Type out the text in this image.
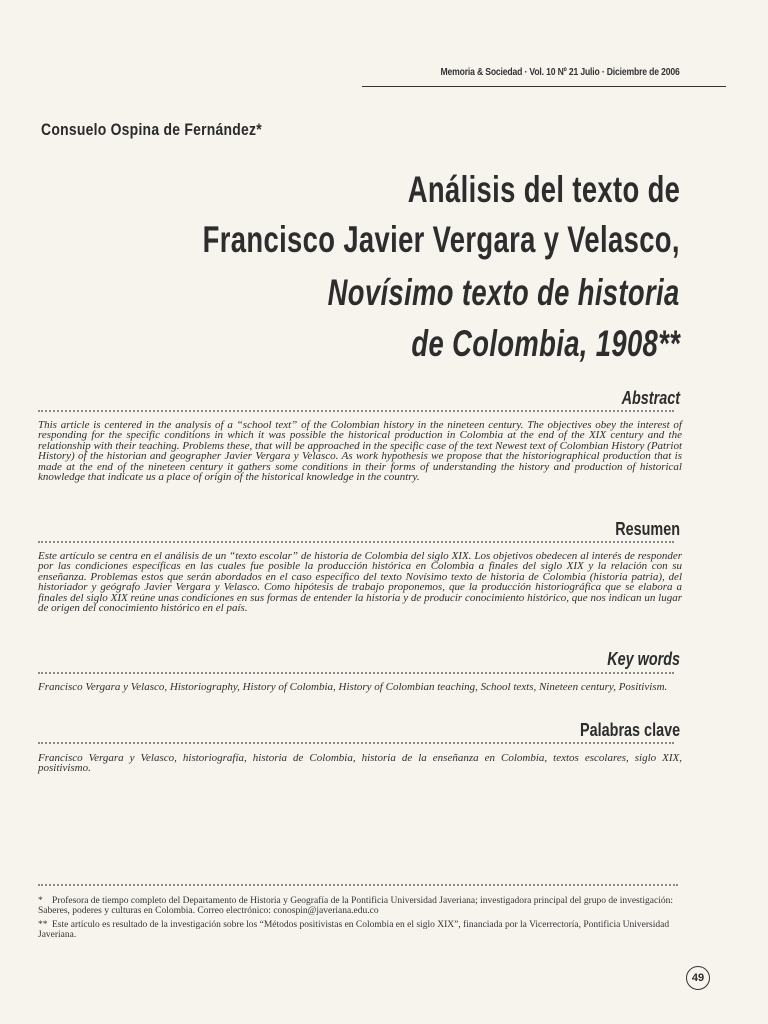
Memoria & Sociedad · Vol. 10 Nº 21 Julio · Diciembre de 2006
Consuelo Ospina de Fernández*
Análisis del texto de
Francisco Javier Vergara y Velasco,
Novísimo texto de historia
de Colombia, 1908**
Abstract
This article is centered in the analysis of a “school text” of the Colombian history in the nineteen century. The objectives obey the interest of responding for the specific conditions in which it was possible the historical production in Colombia at the end of the XIX century and the relationship with their teaching. Problems these, that will be approached in the specific case of the text Newest text of Colombian History (Patriot History) of the historian and geographer Javier Vergara y Velasco. As work hypothesis we propose that the historiographical production that is made at the end of the nineteen century it gathers some conditions in their forms of understanding the history and production of historical knowledge that indicate us a place of origin of the historical knowledge in the country.
Resumen
Este artículo se centra en el análisis de un “texto escolar” de historia de Colombia del siglo XIX. Los objetivos obedecen al interés de responder por las condiciones específicas en las cuales fue posible la producción histórica en Colombia a finales del siglo XIX y la relación con su enseñanza. Problemas estos que serán abordados en el caso específico del texto Novísimo texto de historia de Colombia (historia patria), del historiador y geógrafo Javier Vergara y Velasco. Como hipótesis de trabajo proponemos, que la producción historiográfica que se elabora a finales del siglo XIX reúne unas condiciones en sus formas de entender la historia y de producir conocimiento histórico, que nos indican un lugar de origen del conocimiento histórico en el país.
Key words
Francisco Vergara y Velasco, Historiography, History of Colombia, History of Colombian teaching, School texts, Nineteen century, Positivism.
Palabras clave
Francisco Vergara y Velasco, historiografía, historia de Colombia, historia de la enseñanza en Colombia, textos escolares, siglo XIX, positivismo.
* Profesora de tiempo completo del Departamento de Historia y Geografía de la Pontificia Universidad Javeriana; investigadora principal del grupo de investigación: Saberes, poderes y culturas en Colombia. Correo electrónico: conospin@javeriana.edu.co
** Este artículo es resultado de la investigación sobre los “Métodos positivistas en Colombia en el siglo XIX”, financiada por la Vicerrectoría, Pontificia Universidad Javeriana.
49
